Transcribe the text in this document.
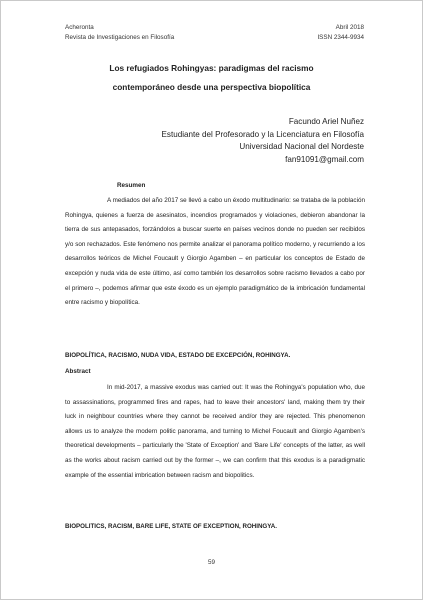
Acheronta	Abril 2018
Revista de Investigaciones en Filosofía	ISSN 2344-9934
Los refugiados Rohingyas: paradigmas del racismo
contemporáneo desde una perspectiva biopolítica
Facundo Ariel Nuñez
Estudiante del Profesorado y la Licenciatura en Filosofía
Universidad Nacional del Nordeste
fan91091@gmail.com
Resumen
A mediados del año 2017 se llevó a cabo un éxodo multitudinario: se trataba de la población Rohingya, quienes a fuerza de asesinatos, incendios programados y violaciones, debieron abandonar la tierra de sus antepasados, forzándolos a buscar suerte en países vecinos donde no pueden ser recibidos y/o son rechazados. Este fenómeno nos permite analizar el panorama político moderno, y recurriendo a los desarrollos teóricos de Michel Foucault y Giorgio Agamben – en particular los conceptos de Estado de excepción y nuda vida de este último, así como también los desarrollos sobre racismo llevados a cabo por el primero –, podemos afirmar que este éxodo es un ejemplo paradigmático de la imbricación fundamental entre racismo y biopolítica.
BIOPOLÍTICA, RACISMO, NUDA VIDA, ESTADO DE EXCEPCIÓN, ROHINGYA.
Abstract
In mid-2017, a massive exodus was carried out: It was the Rohingya's population who, due to assassinations, programmed fires and rapes, had to leave their ancestors' land, making them try their luck in neighbour countries where they cannot be received and/or they are rejected. This phenomenon allows us to analyze the modern politic panorama, and turning to Michel Foucault and Giorgio Agamben's theoretical developments – particularly the 'State of Exception' and 'Bare Life' concepts of the latter, as well as the works about racism carried out by the former –, we can confirm that this exodus is a paradigmatic example of the essential imbrication between racism and biopolitics.
BIOPOLITICS, RACISM, BARE LIFE, STATE OF EXCEPTION, ROHINGYA.
59
